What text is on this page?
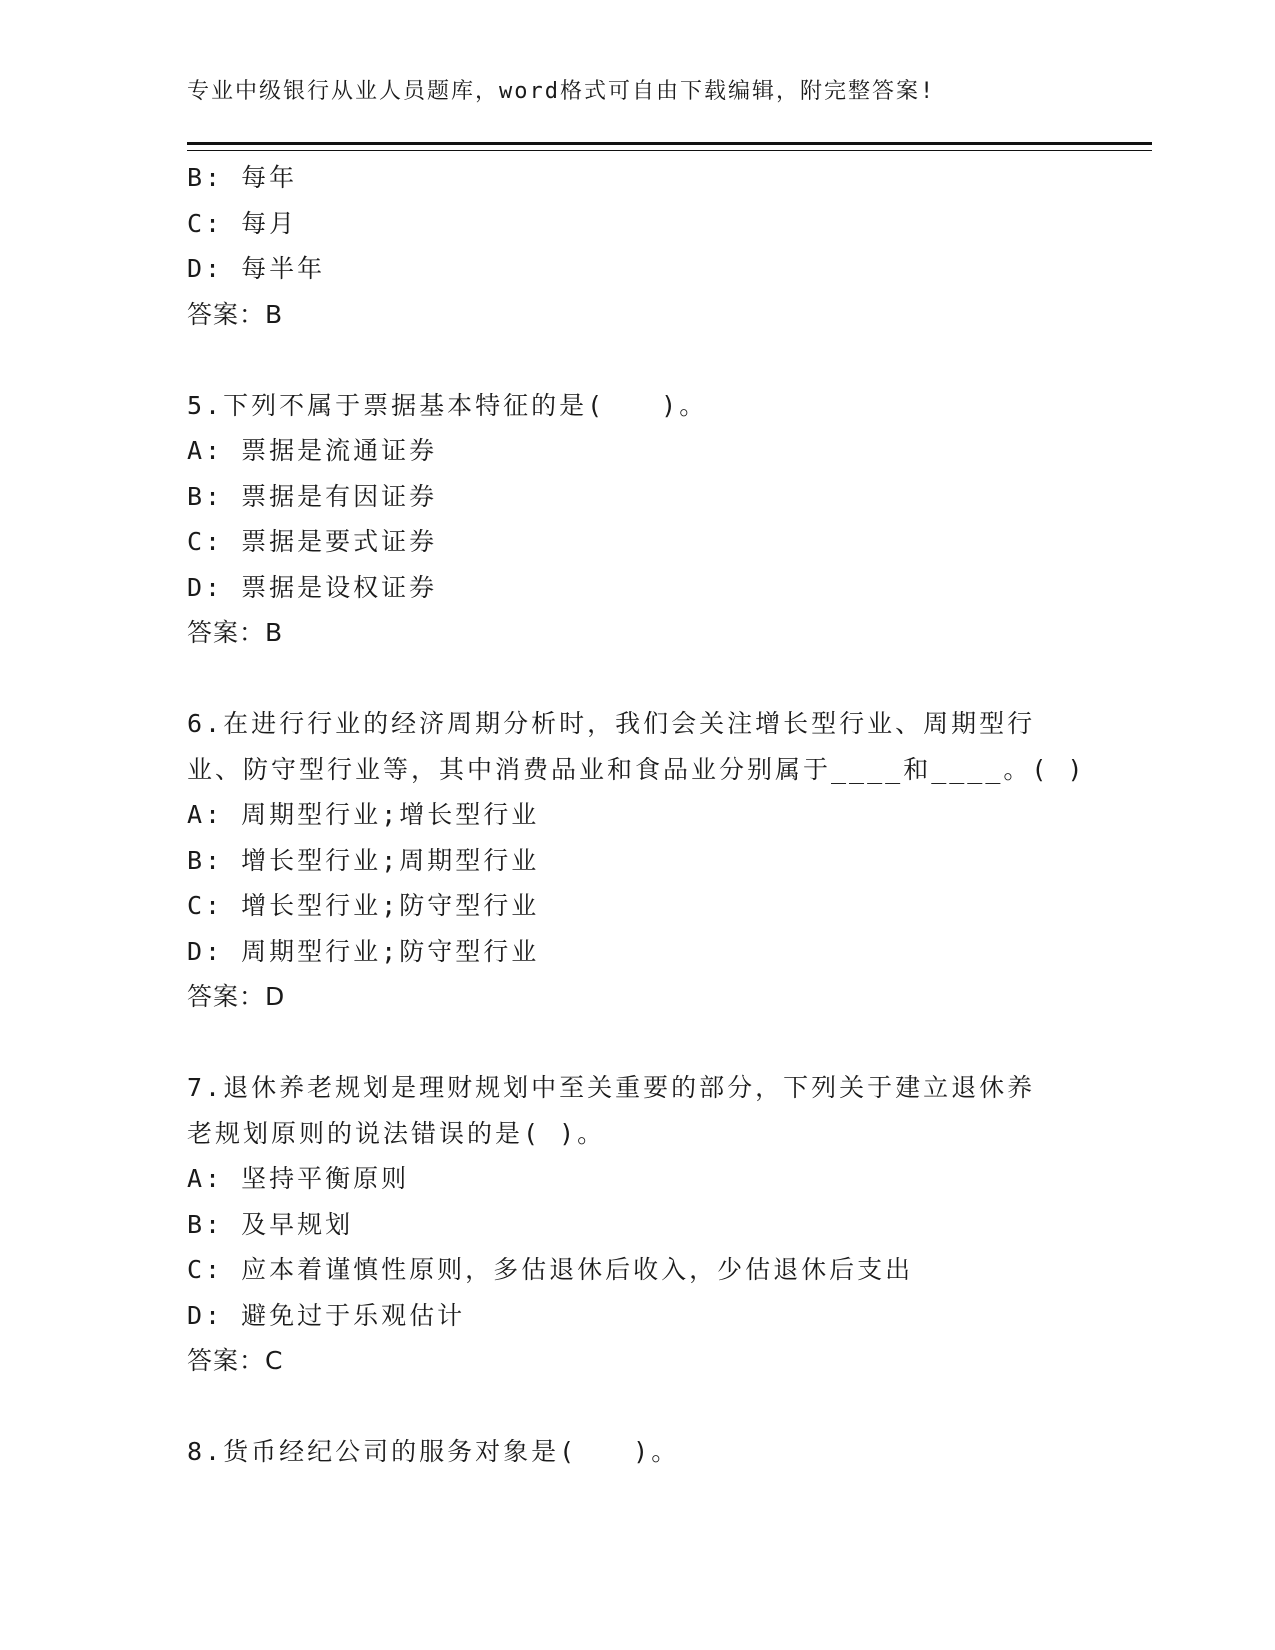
专业中级银行从业人员题库，word格式可自由下载编辑，附完整答案!
B: 每年
C: 每月
D: 每半年
答案：B
5.下列不属于票据基本特征的是(　　)。
A: 票据是流通证券
B: 票据是有因证券
C: 票据是要式证券
D: 票据是设权证券
答案：B
6.在进行行业的经济周期分析时，我们会关注增长型行业、周期型行
业、防守型行业等，其中消费品业和食品业分别属于____和____。( )
A: 周期型行业;增长型行业
B: 增长型行业;周期型行业
C: 增长型行业;防守型行业
D: 周期型行业;防守型行业
答案：D
7.退休养老规划是理财规划中至关重要的部分，下列关于建立退休养
老规划原则的说法错误的是( )。
A: 坚持平衡原则
B: 及早规划
C: 应本着谨慎性原则，多估退休后收入，少估退休后支出
D: 避免过于乐观估计
答案：C
8.货币经纪公司的服务对象是(　　)。
